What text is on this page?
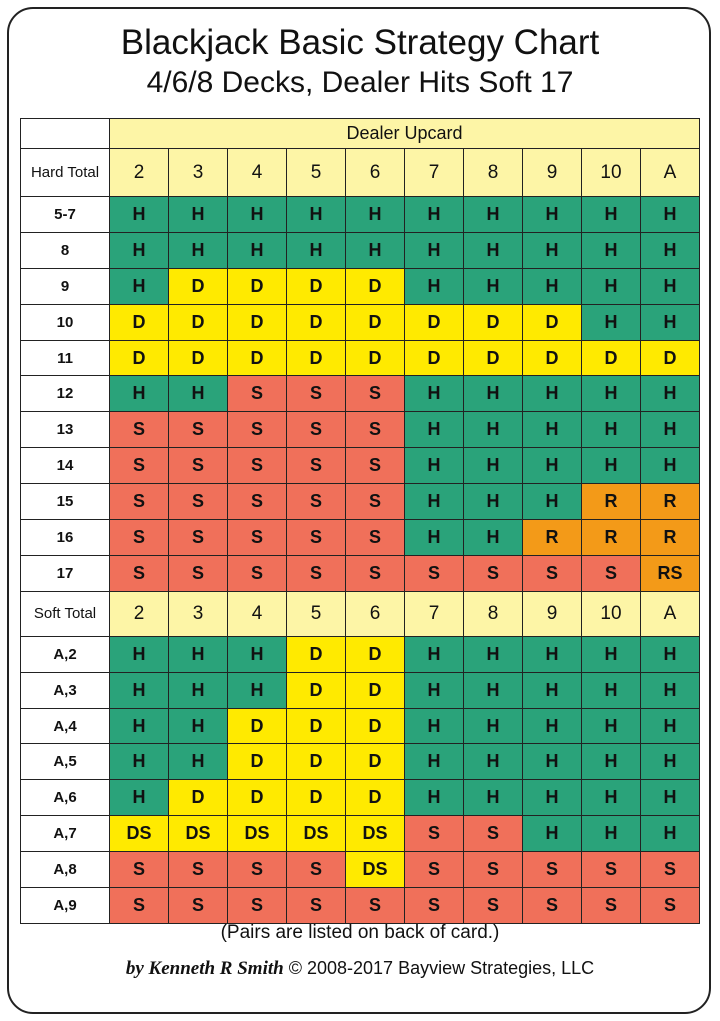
Blackjack Basic Strategy Chart
4/6/8 Decks, Dealer Hits Soft 17
	Dealer Upcard									
Hard Total	2	3	4	5	6	7	8	9	10	A
5-7	H	H	H	H	H	H	H	H	H	H
8	H	H	H	H	H	H	H	H	H	H
9	H	D	D	D	D	H	H	H	H	H
10	D	D	D	D	D	D	D	D	H	H
11	D	D	D	D	D	D	D	D	D	D
12	H	H	S	S	S	H	H	H	H	H
13	S	S	S	S	S	H	H	H	H	H
14	S	S	S	S	S	H	H	H	H	H
15	S	S	S	S	S	H	H	H	R	R
16	S	S	S	S	S	H	H	R	R	R
17	S	S	S	S	S	S	S	S	S	RS
Soft Total	2	3	4	5	6	7	8	9	10	A
A,2	H	H	H	D	D	H	H	H	H	H
A,3	H	H	H	D	D	H	H	H	H	H
A,4	H	H	D	D	D	H	H	H	H	H
A,5	H	H	D	D	D	H	H	H	H	H
A,6	H	D	D	D	D	H	H	H	H	H
A,7	DS	DS	DS	DS	DS	S	S	H	H	H
A,8	S	S	S	S	DS	S	S	S	S	S
A,9	S	S	S	S	S	S	S	S	S	S
(Pairs are listed on back of card.)
by Kenneth R Smith © 2008-2017 Bayview Strategies, LLC
